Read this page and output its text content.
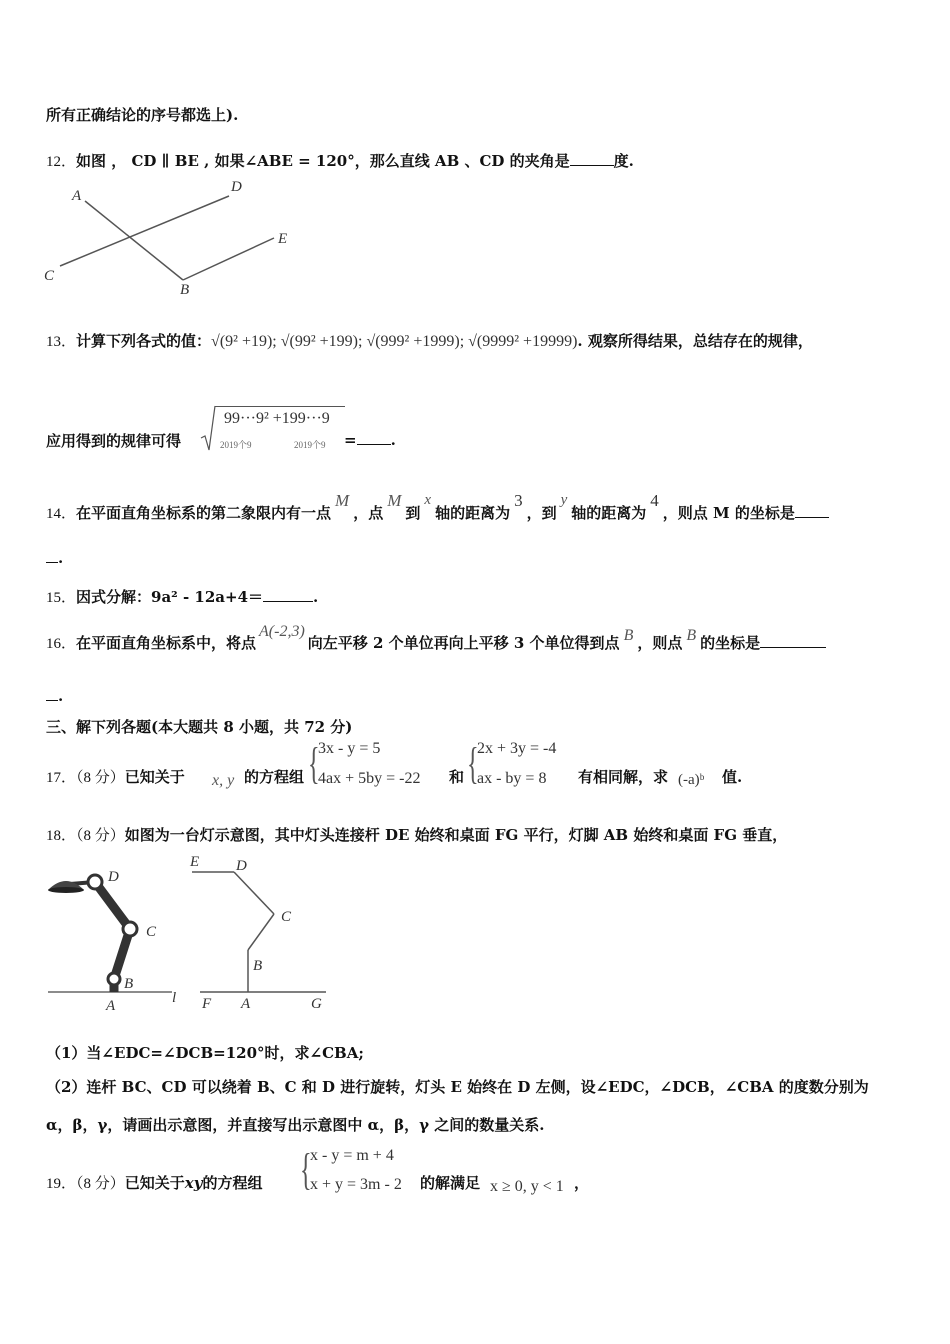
所有正确结论的序号都选上).
12．如图 ， CD ∥ BE , 如果∠ABE = 120°，那么直线 AB 、CD 的夹角是	度.
A
D
E
C
B
13．计算下列各式的值：√(9² +19); √(99² +199); √(999² +1999); √(9999² +19999). 观察所得结果，总结存在的规律，
应用得到的规律可得
99···9² +199···9
2019个9	2019个9 = .
14．在平面直角坐标系的第二象限内有一点M，点M到x轴的距离为3，到y轴的距离为4，则点 M 的坐标是
.
15．因式分解：9a² - 12a+4＝	.
16．在平面直角坐标系中，将点A(-2,3)向左平移 2 个单位再向上平移 3 个单位得到点 B ，则点 B 的坐标是
.
三、解下列各题(本大题共 8 小题，共 72 分)
17．（8 分）已知关于 x, y 的方程组 {
3x - y = 5
4ax + 5by = -22 和 {
2x + 3y = -4
ax - by = 8 有相同解，求 (-a)ᵇ 值.
18．（8 分）如图为一台灯示意图，其中灯头连接杆 DE 始终和桌面 FG 平行，灯脚 AB 始终和桌面 FG 垂直，
D
C
B
A	l
E D
C
B
A
F	G
（1）当∠EDC=∠DCB=120°时，求∠CBA;
（2）连杆 BC、CD 可以绕着 B、C 和 D 进行旋转，灯头 E 始终在 D 左侧，设∠EDC，∠DCB，∠CBA 的度数分别为
α，β，γ，请画出示意图，并直接写出示意图中 α，β，γ 之间的数量关系.
19．（8 分）已知关于xy的方程组 {
x - y = m + 4
x + y = 3m - 2 的解满足 x ≥ 0, y < 1 ，
